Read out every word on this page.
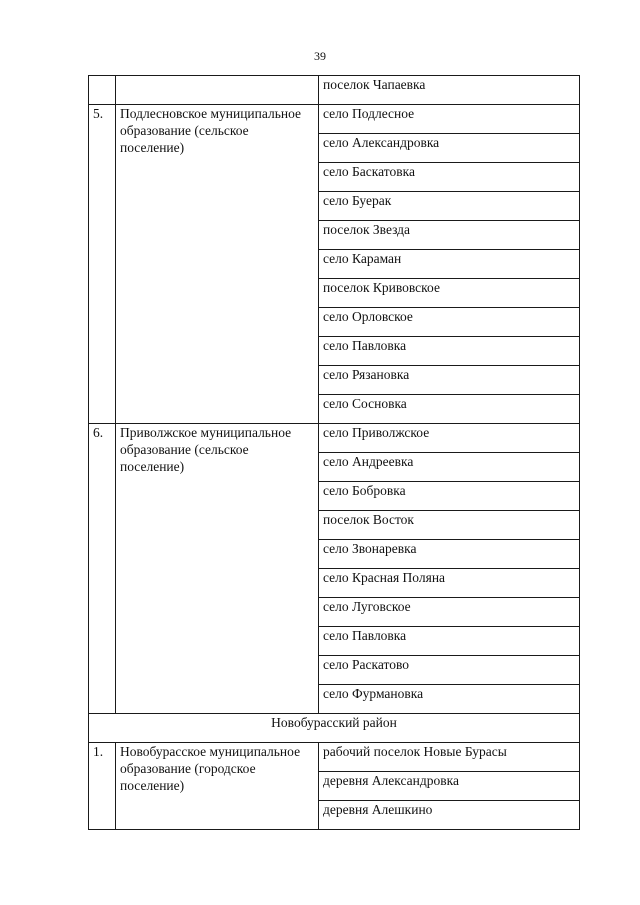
39
		поселок Чапаевка
5.	Подлесновское муниципальное образование (сельское поселение)	село Подлесное
		село Александровка
		село Баскатовка
		село Буерак
		поселок Звезда
		село Караман
		поселок Кривовское
		село Орловское
		село Павловка
		село Рязановка
		село Сосновка
6.	Приволжское муниципальное образование (сельское поселение)	село Приволжское
		село Андреевка
		село Бобровка
		поселок Восток
		село Звонаревка
		село Красная Поляна
		село Луговское
		село Павловка
		село Раскатово
		село Фурмановка
Новобурасский район		
1.	Новобурасское муниципальное образование (городское поселение)	рабочий поселок Новые Бурасы
		деревня Александровка
		деревня Алешкино
